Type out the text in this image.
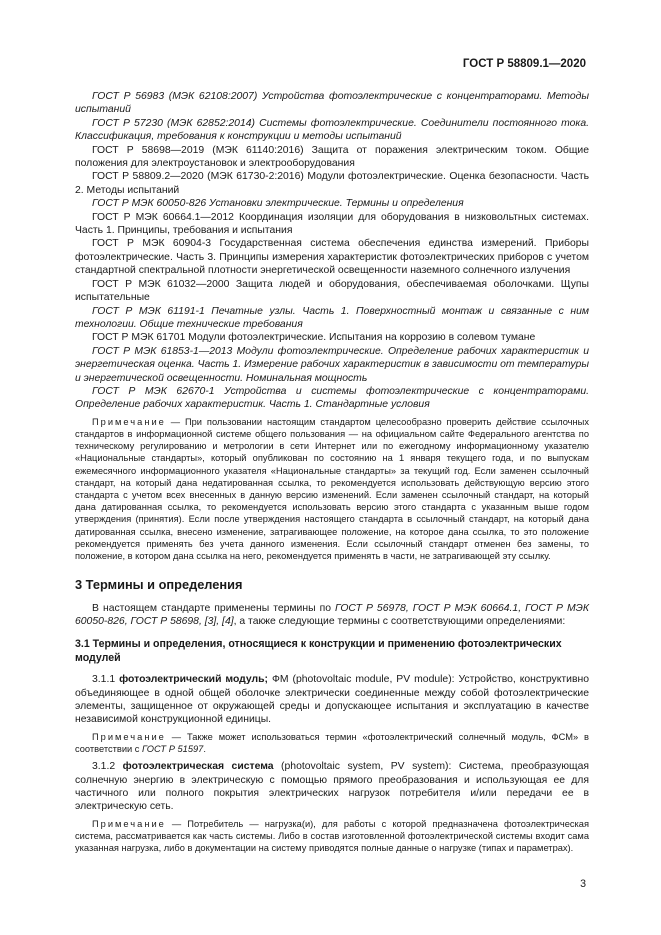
ГОСТ Р 58809.1—2020

ГОСТ Р 56983 (МЭК 62108:2007) Устройства фотоэлектрические с концентраторами. Методы испытаний

ГОСТ Р 57230 (МЭК 62852:2014) Системы фотоэлектрические. Соединители постоянного тока. Классификация, требования к конструкции и методы испытаний

ГОСТ Р 58698—2019 (МЭК 61140:2016) Защита от поражения электрическим током. Общие положения для электроустановок и электрооборудования

ГОСТ Р 58809.2—2020 (МЭК 61730-2:2016) Модули фотоэлектрические. Оценка безопасности. Часть 2. Методы испытаний

ГОСТ Р МЭК 60050-826 Установки электрические. Термины и определения

ГОСТ Р МЭК 60664.1—2012 Координация изоляции для оборудования в низковольтных системах. Часть 1. Принципы, требования и испытания

ГОСТ Р МЭК 60904-3 Государственная система обеспечения единства измерений. Приборы фотоэлектрические. Часть 3. Принципы измерения характеристик фотоэлектрических приборов с учетом стандартной спектральной плотности энергетической освещенности наземного солнечного излучения

ГОСТ Р МЭК 61032—2000 Защита людей и оборудования, обеспечиваемая оболочками. Щупы испытательные

ГОСТ Р МЭК 61191-1 Печатные узлы. Часть 1. Поверхностный монтаж и связанные с ним технологии. Общие технические требования

ГОСТ Р МЭК 61701 Модули фотоэлектрические. Испытания на коррозию в солевом тумане

ГОСТ Р МЭК 61853-1—2013 Модули фотоэлектрические. Определение рабочих характеристик и энергетическая оценка. Часть 1. Измерение рабочих характеристик в зависимости от температуры и энергетической освещенности. Номинальная мощность

ГОСТ Р МЭК 62670-1 Устройства и системы фотоэлектрические с концентраторами. Определение рабочих характеристик. Часть 1. Стандартные условия

Примечание — При пользовании настоящим стандартом целесообразно проверить действие ссылочных стандартов в информационной системе общего пользования — на официальном сайте Федерального агентства по техническому регулированию и метрологии в сети Интернет или по ежегодному информационному указателю «Национальные стандарты», который опубликован по состоянию на 1 января текущего года, и по выпускам ежемесячного информационного указателя «Национальные стандарты» за текущий год. Если заменен ссылочный стандарт, на который дана недатированная ссылка, то рекомендуется использовать действующую версию этого стандарта с учетом всех внесенных в данную версию изменений. Если заменен ссылочный стандарт, на который дана датированная ссылка, то рекомендуется использовать версию этого стандарта с указанным выше годом утверждения (принятия). Если после утверждения настоящего стандарта в ссылочный стандарт, на который дана датированная ссылка, внесено изменение, затрагивающее положение, на которое дана ссылка, то это положение рекомендуется применять без учета данного изменения. Если ссылочный стандарт отменен без замены, то положение, в котором дана ссылка на него, рекомендуется применять в части, не затрагивающей эту ссылку.

3 Термины и определения

В настоящем стандарте применены термины по ГОСТ Р 56978, ГОСТ Р МЭК 60664.1, ГОСТ Р МЭК 60050-826, ГОСТ Р 58698, [3], [4], а также следующие термины с соответствующими определениями:

3.1 Термины и определения, относящиеся к конструкции и применению фотоэлектрических модулей

3.1.1 фотоэлектрический модуль; ФМ (photovoltaic module, PV module): Устройство, конструктивно объединяющее в одной общей оболочке электрически соединенные между собой фотоэлектрические элементы, защищенное от окружающей среды и допускающее испытания и эксплуатацию в качестве независимой конструкционной единицы.

Примечание — Также может использоваться термин «фотоэлектрический солнечный модуль, ФСМ» в соответствии с ГОСТ Р 51597.

3.1.2 фотоэлектрическая система (photovoltaic system, PV system): Система, преобразующая солнечную энергию в электрическую с помощью прямого преобразования и использующая ее для частичного или полного покрытия электрических нагрузок потребителя и/или передачи ее в электрическую сеть.

Примечание — Потребитель — нагрузка(и), для работы с которой предназначена фотоэлектрическая система, рассматривается как часть системы. Либо в состав изготовленной фотоэлектрической системы входит сама указанная нагрузка, либо в документации на систему приводятся полные данные о нагрузке (типах и параметрах).

3
